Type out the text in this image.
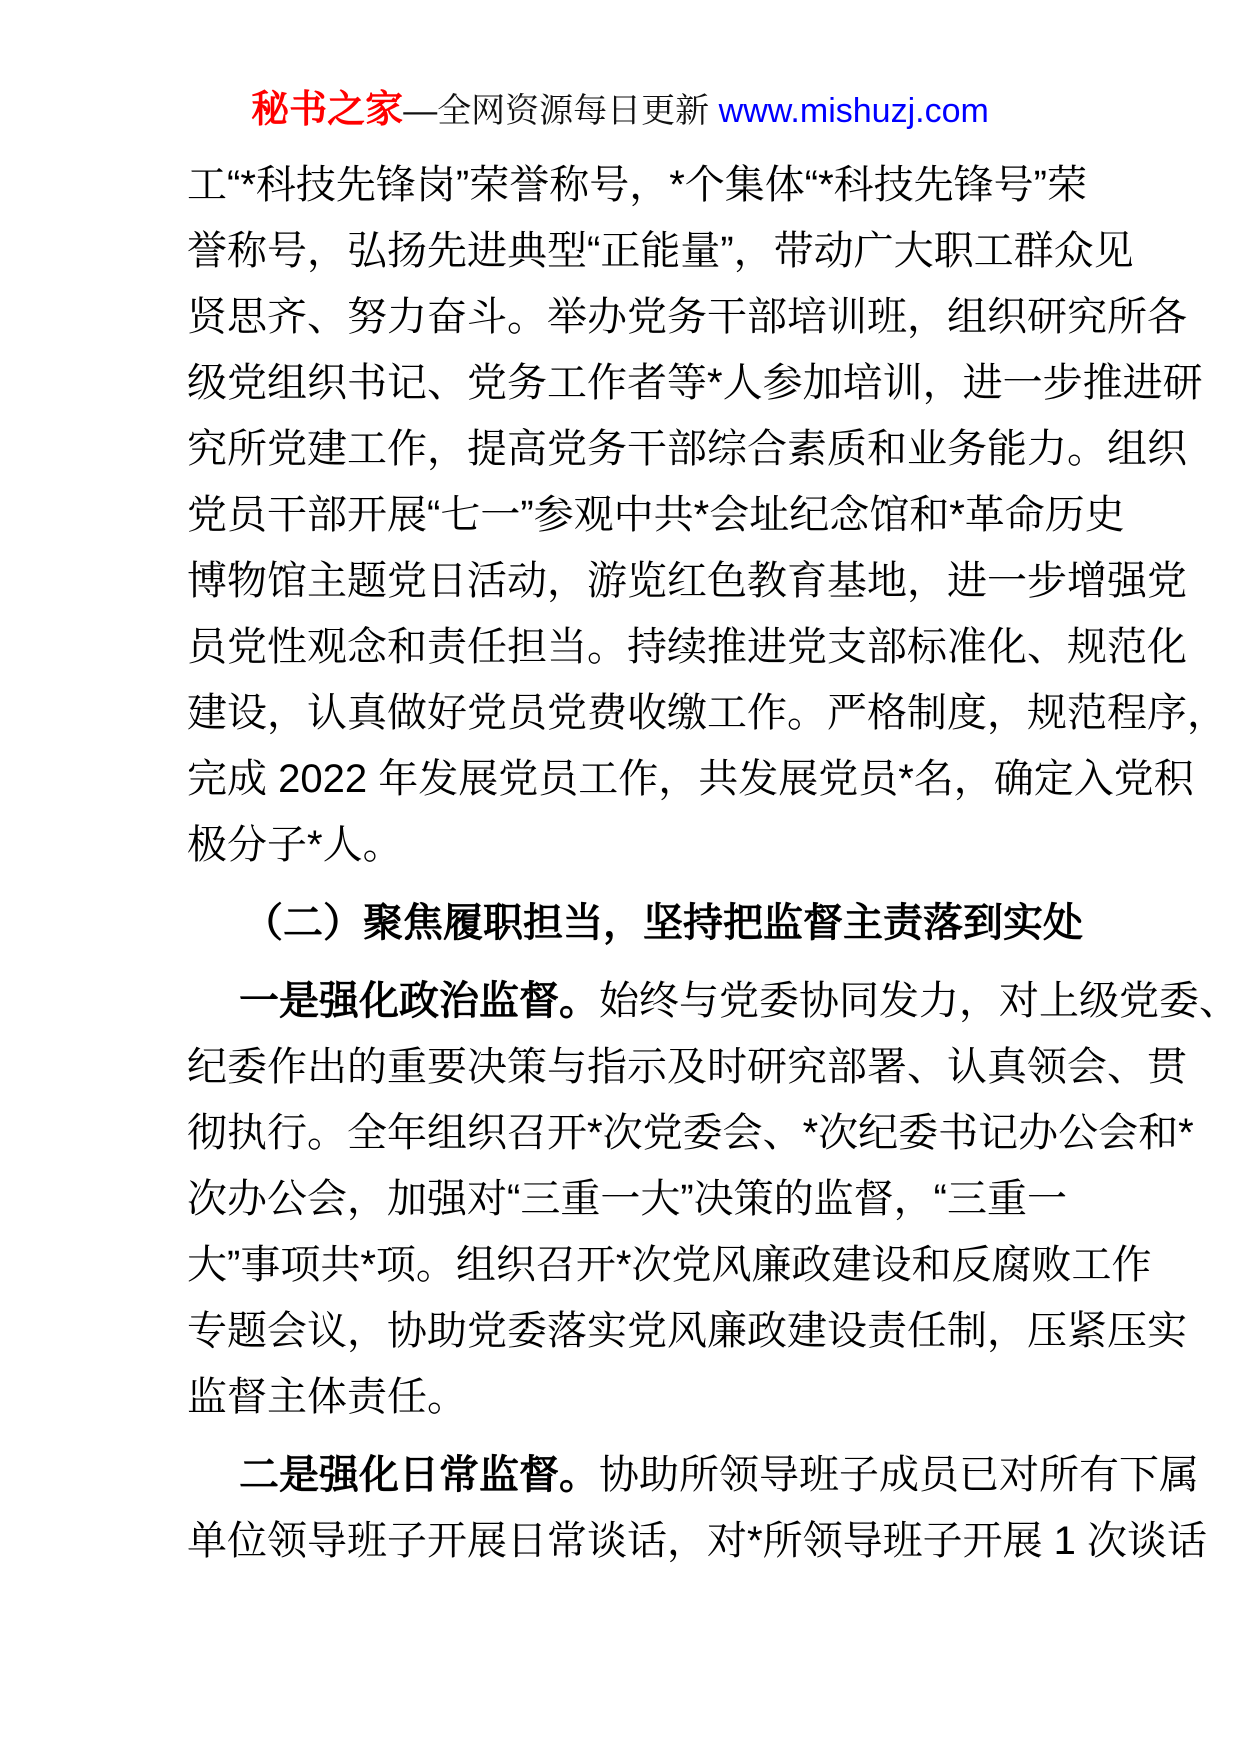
秘书之家—全网资源每日更新 www.mishuzj.com
工“*科技先锋岗”荣誉称号，*个集体“*科技先锋号”荣
誉称号，弘扬先进典型“正能量”，带动广大职工群众见
贤思齐、努力奋斗。举办党务干部培训班，组织研究所各
级党组织书记、党务工作者等*人参加培训，进一步推进研
究所党建工作，提高党务干部综合素质和业务能力。组织
党员干部开展“七一”参观中共*会址纪念馆和*革命历史
博物馆主题党日活动，游览红色教育基地，进一步增强党
员党性观念和责任担当。持续推进党支部标准化、规范化
建设，认真做好党员党费收缴工作。严格制度，规范程序，
完成 2022 年发展党员工作，共发展党员*名，确定入党积
极分子*人。
（二）聚焦履职担当，坚持把监督主责落到实处
一是强化政治监督。始终与党委协同发力，对上级党委、
纪委作出的重要决策与指示及时研究部署、认真领会、贯
彻执行。全年组织召开*次党委会、*次纪委书记办公会和*
次办公会，加强对“三重一大”决策的监督，“三重一
大”事项共*项。组织召开*次党风廉政建设和反腐败工作
专题会议，协助党委落实党风廉政建设责任制，压紧压实
监督主体责任。
二是强化日常监督。协助所领导班子成员已对所有下属
单位领导班子开展日常谈话，对*所领导班子开展 1 次谈话
